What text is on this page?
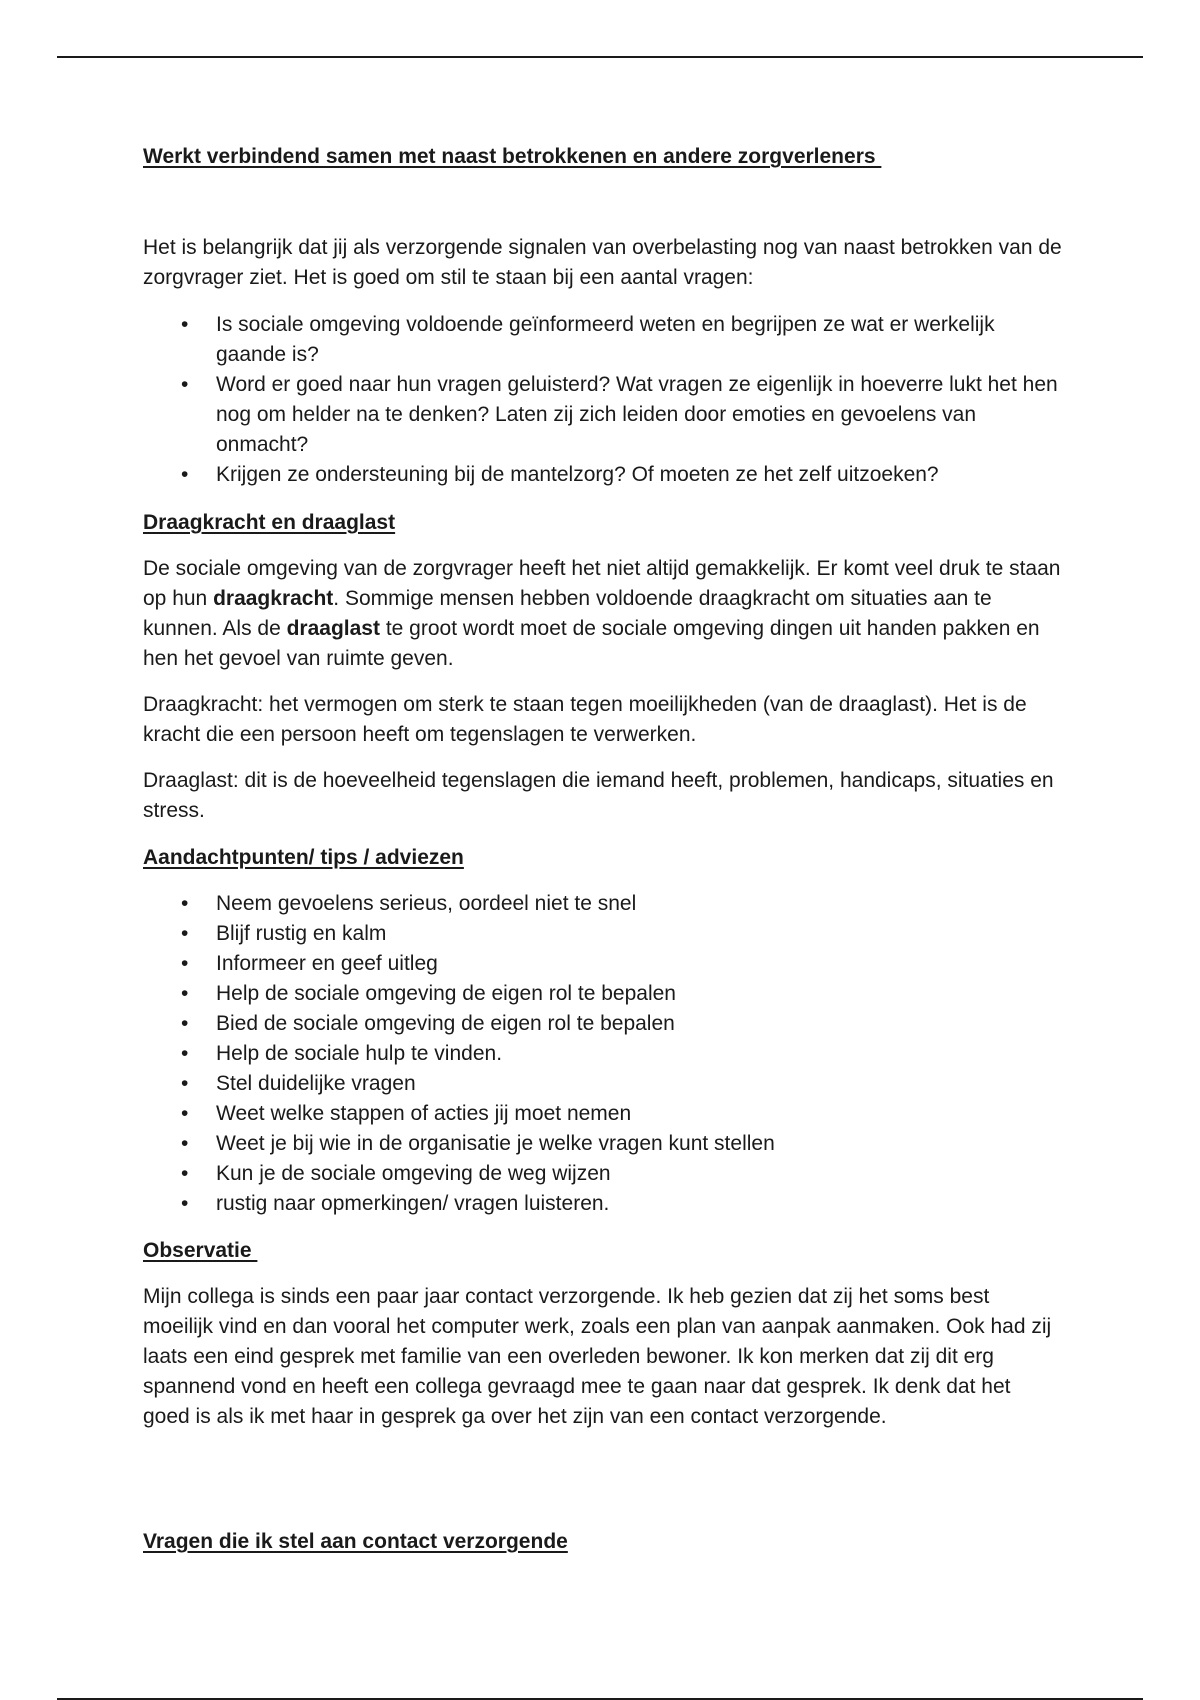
Werkt verbindend samen met naast betrokkenen en andere zorgverleners

Het is belangrijk dat jij als verzorgende signalen van overbelasting nog van naast betrokken van de zorgvrager ziet. Het is goed om stil te staan bij een aantal vragen:

• Is sociale omgeving voldoende geïnformeerd weten en begrijpen ze wat er werkelijk gaande is?
• Word er goed naar hun vragen geluisterd? Wat vragen ze eigenlijk in hoeverre lukt het hen nog om helder na te denken? Laten zij zich leiden door emoties en gevoelens van onmacht?
• Krijgen ze ondersteuning bij de mantelzorg? Of moeten ze het zelf uitzoeken?
Draagkracht en draaglast

De sociale omgeving van de zorgvrager heeft het niet altijd gemakkelijk. Er komt veel druk te staan op hun draagkracht. Sommige mensen hebben voldoende draagkracht om situaties aan te kunnen. Als de draaglast te groot wordt moet de sociale omgeving dingen uit handen pakken en hen het gevoel van ruimte geven.

Draagkracht: het vermogen om sterk te staan tegen moeilijkheden (van de draaglast). Het is de kracht die een persoon heeft om tegenslagen te verwerken.

Draaglast: dit is de hoeveelheid tegenslagen die iemand heeft, problemen, handicaps, situaties en stress.

Aandachtpunten/ tips / adviezen
• Neem gevoelens serieus, oordeel niet te snel
• Blijf rustig en kalm
• Informeer en geef uitleg
• Help de sociale omgeving de eigen rol te bepalen
• Bied de sociale omgeving de eigen rol te bepalen
• Help de sociale hulp te vinden.
• Stel duidelijke vragen
• Weet welke stappen of acties jij moet nemen
• Weet je bij wie in de organisatie je welke vragen kunt stellen
• Kun je de sociale omgeving de weg wijzen
• rustig naar opmerkingen/ vragen luisteren.
Observatie

Mijn collega is sinds een paar jaar contact verzorgende. Ik heb gezien dat zij het soms best moeilijk vind en dan vooral het computer werk, zoals een plan van aanpak aanmaken. Ook had zij laats een eind gesprek met familie van een overleden bewoner. Ik kon merken dat zij dit erg spannend vond en heeft een collega gevraagd mee te gaan naar dat gesprek. Ik denk dat het goed is als ik met haar in gesprek ga over het zijn van een contact verzorgende.

Vragen die ik stel aan contact verzorgende
